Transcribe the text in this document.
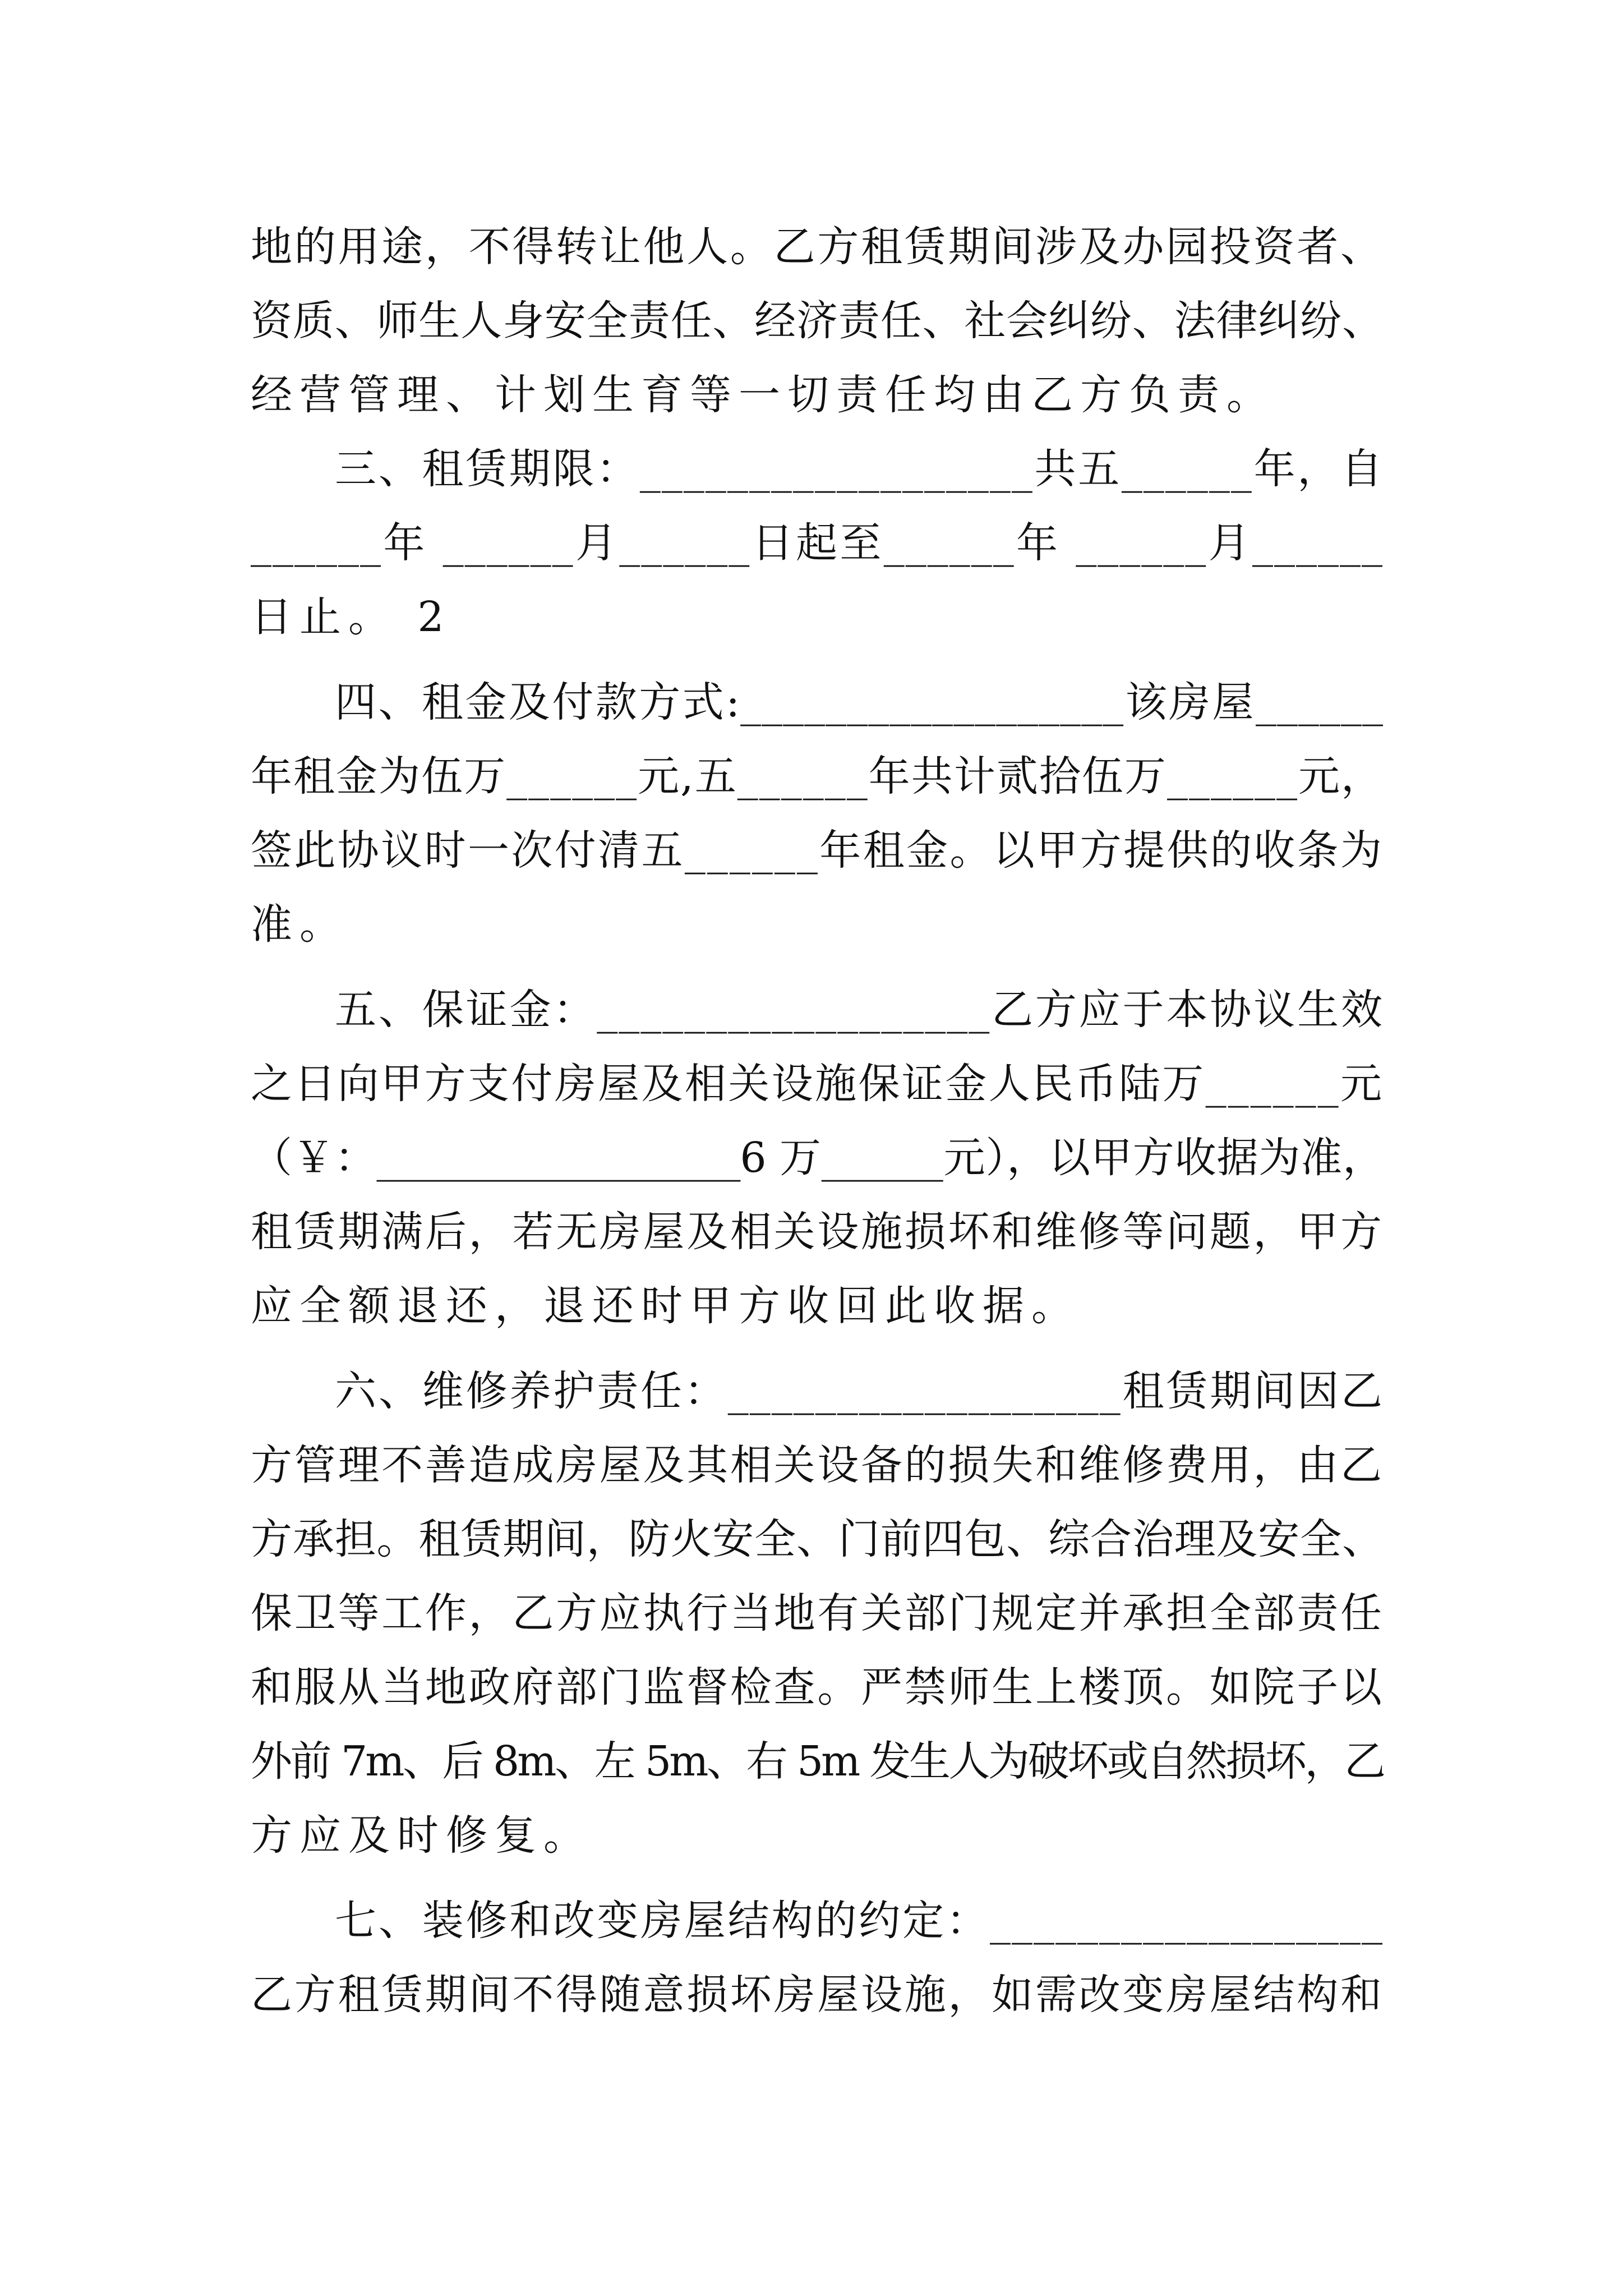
地的用途，不得转让他人。乙方租赁期间涉及办园投资者、
资质、师生人身安全责任、经济责任、社会纠纷、法律纠纷、
经营管理、计划生育等一切责任均由乙方负责。
三、租赁期限：__________________共五______年，自
______年 ______月______日起至______年 ______月______
日止。 2
四、租金及付款方式:__________________该房屋______
年租金为伍万______元,五______年共计贰拾伍万______元，
签此协议时一次付清五______年租金。以甲方提供的收条为
准。
五、保证金：__________________乙方应于本协议生效
之日向甲方支付房屋及相关设施保证金人民币陆万______元
（￥：__________________6 万______元），以甲方收据为准，
租赁期满后，若无房屋及相关设施损坏和维修等问题，甲方
应全额退还，退还时甲方收回此收据。
六、维修养护责任：__________________租赁期间因乙
方管理不善造成房屋及其相关设备的损失和维修费用，由乙
方承担。租赁期间，防火安全、门前四包、综合治理及安全、
保卫等工作，乙方应执行当地有关部门规定并承担全部责任
和服从当地政府部门监督检查。严禁师生上楼顶。如院子以
外前 7m、后 8m、左 5m、右 5m 发生人为破坏或自然损坏，乙
方应及时修复。
七、装修和改变房屋结构的约定：__________________
乙方租赁期间不得随意损坏房屋设施，如需改变房屋结构和
